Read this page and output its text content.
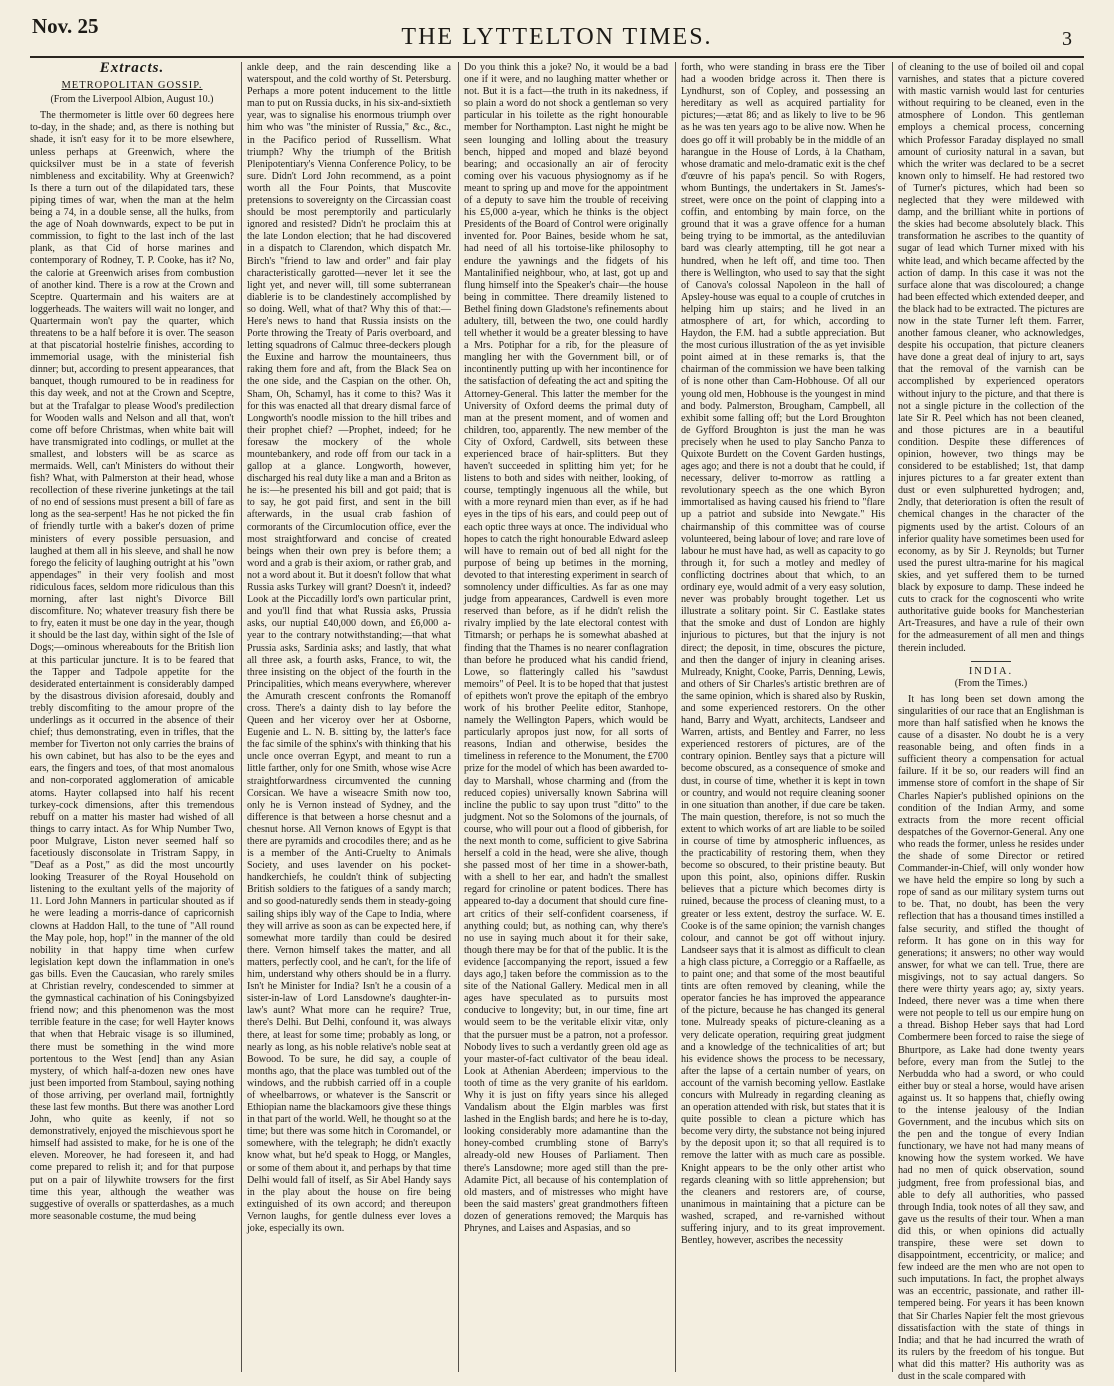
Nov. 25	THE LYTTELTON TIMES.	3
Extracts.
METROPOLITAN GOSSIP.
(From the Liverpool Albion, August 10.)

The thermometer is little over 60 degrees here to-day, in the shade; and, as there is nothing but shade, it isn't easy for it to be more elsewhere, unless perhaps at Greenwich, where the quicksilver must be in a state of feverish nimbleness and excitability. Why at Greenwich? Is there a turn out of the dilapidated tars, these piping times of war, when the man at the helm being a 74, in a double sense, all the hulks, from the age of Noah downwards, expect to be put in commission, to fight to the last inch of the last plank, as that Cid of horse marines and contemporary of Rodney, T. P. Cooke, has it? No, the calorie at Greenwich arises from combustion of another kind. There is a row at the Crown and Sceptre. Quartermain and his waiters are at loggerheads. The waiters will wait no longer, and Quartermain won't pay the quarter, which threatens to be a half before it is over. The season at that piscatorial hostelrie finishes, according to immemorial usage, with the ministerial fish dinner; but, according to present appearances, that banquet, though rumoured to be in readiness for this day week, and not at the Crown and Sceptre, but at the Trafalgar to please Wood's predilection for Wooden walls and Nelson and all that, won't come off before Christmas, when white bait will have transmigrated into codlings, or mullet at the smallest, and lobsters will be as scarce as mermaids. Well, can't Ministers do without their fish? What, with Palmerston at their head, whose recollection of these riverine junketings at the tail of no end of sessions must present a bill of fare as long as the sea-serpent! Has he not picked the fin of friendly turtle with a baker's dozen of prime ministers of every possible persuasion, and laughed at them all in his sleeve, and shall he now forego the felicity of laughing outright at his "own appendages" in their very foolish and most ridiculous faces, seldom more ridiculous than this morning, after last night's Divorce Bill discomfiture. No; whatever treasury fish there be to fry, eaten it must be one day in the year, though it should be the last day, within sight of the Isle of Dogs;—ominous whereabouts for the British lion at this particular juncture. It is to be feared that the Tapper and Tadpole appetite for the desiderated entertainment is considerably damped by the disastrous division aforesaid, doubly and trebly discomfiting to the amour propre of the underlings as it occurred in the absence of their chief; thus demonstrating, even in trifles, that the member for Tiverton not only carries the brains of his own cabinet, but has also to be the eyes and ears, the fingers and toes, of that most anomalous and non-corporated agglomeration of amicable atoms. Hayter collapsed into half his recent turkey-cock dimensions, after this tremendous rebuff on a matter his master had wished of all things to carry intact. As for Whip Number Two, poor Mulgrave, Liston never seemed half so facetiously disconsolate in Tristram Sappy, in "Deaf as a Post," as did the most uncourtly looking Treasurer of the Royal Household on listening to the exultant yells of the majority of 11. Lord John Manners in particular shouted as if he were leading a morris-dance of capricornish clowns at Haddon Hall, to the tune of "All round the May pole, hop, hop!" in the manner of the old nobility in that happy time when curfew legislation kept down the inflammation in one's gas bills. Even the Caucasian, who rarely smiles at Christian revelry, condescended to simmer at the gymnastical cachination of his Coningsbyized friend now; and this phenomenon was the most terrible feature in the case; for well Hayter knows that when that Hebraic visage is so illumined, there must be something in the wind more portentous to the West [end] than any Asian mystery, of which half-a-dozen new ones have just been imported from Stamboul, saying nothing of those arriving, per overland mail, fortnightly these last few months. But there was another Lord John, who quite as keenly, if not so demonstratively, enjoyed the mischievous sport he himself had assisted to make, for he is one of the eleven. Moreover, he had foreseen it, and had come prepared to relish it; and for that purpose put on a pair of lilywhite trowsers for the first time this year, although the weather was suggestive of overalls or spatterdashes, as a much more seasonable costume, the mud being

ankle deep, and the rain descending like a waterspout, and the cold worthy of St. Petersburg. Perhaps a more potent inducement to the little man to put on Russia ducks, in his six-and-sixtieth year, was to signalise his enormous triumph over him who was "the minister of Russia," &c., &c., in the Pacifico period of Russellism. What triumph? Why the triumph of the British Plenipotentiary's Vienna Conference Policy, to be sure. Didn't Lord John recommend, as a point worth all the Four Points, that Muscovite pretensions to sovereignty on the Circassian coast should be most peremptorily and particularly ignored and resisted? Didn't he proclaim this at the late London election; that he had discovered in a dispatch to Clarendon, which dispatch Mr. Birch's "friend to law and order" and fair play characteristically garotted—never let it see the light yet, and never will, till some subterranean diablerie is to be clandestinely accomplished by so doing. Well, what of that? Why this of that:—Here's news to hand that Russia insists on the Porte throwing the Treaty of Paris overboard, and letting squadrons of Calmuc three-deckers plough the Euxine and harrow the mountaineers, thus raking them fore and aft, from the Black Sea on the one side, and the Caspian on the other. Oh, Sham, Oh, Schamyl, has it come to this? Was it for this was enacted all that dreary dismal farce of Longworth's noodle mission to the hill tribes and their prophet chief? —Prophet, indeed; for he foresaw the mockery of the whole mountebankery, and rode off from our tack in a gallop at a glance. Longworth, however, discharged his real duty like a man and a Briton as he is:—he presented his bill and got paid; that is to say, he got paid first, and sent in the bill afterwards, in the usual crab fashion of cormorants of the Circumlocution office, ever the most straightforward and concise of created beings when their own prey is before them; a word and a grab is their axiom, or rather grab, and not a word about it. But it doesn't follow that what Russia asks Turkey will grant? Doesn't it, indeed? Look at the Piccadilly lord's own particular print, and you'll find that what Russia asks, Prussia asks, our nuptial £40,000 down, and £6,000 a-year to the contrary notwithstanding;—that what Prussia asks, Sardinia asks; and lastly, that what all three ask, a fourth asks, France, to wit, the three insisting on the object of the fourth in the Principalities, which means everywhere, wherever the Amurath crescent confronts the Romanoff cross. There's a dainty dish to lay before the Queen and her viceroy over her at Osborne, Eugenie and L. N. B. sitting by, the latter's face the fac simile of the sphinx's with thinking that his uncle once overran Egypt, and meant to run a little farther, only for one Smith, whose wise Acre straightforwardness circumvented the cunning Corsican. We have a wiseacre Smith now too, only he is Vernon instead of Sydney, and the difference is that between a horse chesnut and a chesnut horse. All Vernon knows of Egypt is that there are pyramids and crocodiles there; and as he is a member of the Anti-Cruelty to Animals Society, and uses lavender on his pocket-handkerchiefs, he couldn't think of subjecting British soldiers to the fatigues of a sandy march; and so good-naturedly sends them in steady-going sailing ships ibly way of the Cape to India, where they will arrive as soon as can be expected here, if somewhat more tardily than could be desired there. Vernon himself takes the matter, and all matters, perfectly cool, and he can't, for the life of him, understand why others should be in a flurry. Isn't he Minister for India? Isn't he a cousin of a sister-in-law of Lord Lansdowne's daughter-in-law's aunt? What more can he require? True, there's Delhi. But Delhi, confound it, was always there, at least for some time; probably as long, or nearly as long, as his noble relative's noble seat at Bowood. To be sure, he did say, a couple of months ago, that the place was tumbled out of the windows, and the rubbish carried off in a couple of wheelbarrows, or whatever is the Sanscrit or Ethiopian name the blackamoors give these things in that part of the world. Well, he thought so at the time; but there was some hitch in Coromandel, or somewhere, with the telegraph; he didn't exactly know what, but he'd speak to Hogg, or Mangles, or some of them about it, and perhaps by that time Delhi would fall of itself, as Sir Abel Handy says in the play about the house on fire being extinguished of its own accord; and thereupon Vernon laughs, for gentle dulness ever loves a joke, especially its own.

Do you think this a joke? No, it would be a bad one if it were, and no laughing matter whether or not. But it is a fact—the truth in its nakedness, if so plain a word do not shock a gentleman so very particular in his toilette as the right honourable member for Northampton. Last night he might be seen lounging and lolling about the treasury bench, hipped and moped and blazé beyond bearing; and occasionally an air of ferocity coming over his vacuous physiognomy as if he meant to spring up and move for the appointment of a deputy to save him the trouble of receiving his £5,000 a-year, which he thinks is the object Presidents of the Board of Control were originally invented for. Poor Baines, beside whom he sat, had need of all his tortoise-like philosophy to endure the yawnings and the fidgets of his Mantalinified neighbour, who, at last, got up and flung himself into the Speaker's chair—the house being in committee. There dreamily listened to Bethel fining down Gladstone's refinements about adultery, till, between the two, one could hardly tell whether it would be a greater blessing to have a Mrs. Potiphar for a rib, for the pleasure of mangling her with the Government bill, or of incontinently putting up with her incontinence for the satisfaction of defeating the act and spiting the Attorney-General. This latter the member for the University of Oxford deems the primal duty of man at the present moment, and of women and children, too, apparently. The new member of the City of Oxford, Cardwell, sits between these experienced brace of hair-splitters. But they haven't succeeded in splitting him yet; for he listens to both and sides with neither, looking, of course, temptingly ingenuous all the while, but with a more reynard mien than ever, as if he had eyes in the tips of his ears, and could peep out of each optic three ways at once. The individual who hopes to catch the right honourable Edward asleep will have to remain out of bed all night for the purpose of being up betimes in the morning, devoted to that interesting experiment in search of somnolency under difficulties. As far as one may judge from appearances, Cardwell is even more reserved than before, as if he didn't relish the rivalry implied by the late electoral contest with Titmarsh; or perhaps he is somewhat abashed at finding that the Thames is no nearer conflagration than before he produced what his candid friend, Lowe, so flatteringly called his "sawdust memoirs" of Peel. It is to be hoped that that justest of epithets won't prove the epitaph of the embryo work of his brother Peelite editor, Stanhope, namely the Wellington Papers, which would be particularly apropos just now, for all sorts of reasons, Indian and otherwise, besides the timeliness in reference to the Monument, the £700 prize for the model of which has been awarded to-day to Marshall, whose charming and (from the reduced copies) universally known Sabrina will incline the public to say upon trust "ditto" to the judgment. Not so the Solomons of the journals, of course, who will pour out a flood of gibberish, for the next month to come, sufficient to give Sabrina herself a cold in the head, were she alive, though she passed most of her time in a shower-bath, with a shell to her ear, and hadn't the smallest regard for crinoline or patent bodices. There has appeared to-day a document that should cure fine-art critics of their self-confident coarseness, if anything could; but, as nothing can, why there's no use in saying much about it for their sake, though there may be for that of the public. It is the evidence [accompanying the report, issued a few days ago,] taken before the commission as to the site of the National Gallery. Medical men in all ages have speculated as to pursuits most conducive to longevity; but, in our time, fine art would seem to be the veritable elixir vitæ, only that the pursuer must be a patron, not a professor. Nobody lives to such a verdantly green old age as your master-of-fact cultivator of the beau ideal. Look at Athenian Aberdeen; impervious to the tooth of time as the very granite of his earldom. Why it is just on fifty years since his alleged Vandalism about the Elgin marbles was first lashed in the English bards; and here he is to-day, looking considerably more adamantine than the honey-combed crumbling stone of Barry's already-old new Houses of Parliament. Then there's Lansdowne; more aged still than the pre-Adamite Pict, all because of his contemplation of old masters, and of mistresses who might have been the said masters' great grandmothers fifteen dozen of generations removed; the Marquis has Phrynes, and Laises and Aspasias, and so

forth, who were standing in brass ere the Tiber had a wooden bridge across it. Then there is Lyndhurst, son of Copley, and possessing an hereditary as well as acquired partiality for pictures;—ætat 86; and as likely to live to be 96 as he was ten years ago to be alive now. When he does go off it will probably be in the middle of an harangue in the House of Lords, à la Chatham, whose dramatic and melo-dramatic exit is the chef d'œuvre of his papa's pencil. So with Rogers, whom Buntings, the undertakers in St. James's-street, were once on the point of clapping into a coffin, and entombing by main force, on the ground that it was a grave offence for a human being trying to be immortal, as the antediluvian bard was clearly attempting, till he got near a hundred, when he left off, and time too. Then there is Wellington, who used to say that the sight of Canova's colossal Napoleon in the hall of Apsley-house was equal to a couple of crutches in helping him up stairs; and he lived in an atmosphere of art, for which, according to Haydon, the F.M. had a subtle appreciation. But the most curious illustration of the as yet invisible point aimed at in these remarks is, that the chairman of the commission we have been talking of is none other than Cam-Hobhouse. Of all our young old men, Hobhouse is the youngest in mind and body. Palmerston, Brougham, Campbell, all exhibit some falling off; but the Lord Broughton de Gyfford Broughton is just the man he was precisely when he used to play Sancho Panza to Quixote Burdett on the Covent Garden hustings, ages ago; and there is not a doubt that he could, if necessary, deliver to-morrow as rattling a revolutionary speech as the one which Byron immortalised as having caused his friend to "flare up a patriot and subside into Newgate." His chairmanship of this committee was of course volunteered, being labour of love; and rare love of labour he must have had, as well as capacity to go through it, for such a motley and medley of conflicting doctrines about that which, to an ordinary eye, would admit of a very easy solution, never was probably brought together. Let us illustrate a solitary point. Sir C. Eastlake states that the smoke and dust of London are highly injurious to pictures, but that the injury is not direct; the deposit, in time, obscures the picture, and then the danger of injury in cleaning arises. Mulready, Knight, Cooke, Parris, Denning, Lewis, and others of Sir Charles's artistic brethren are of the same opinion, which is shared also by Ruskin, and some experienced restorers. On the other hand, Barry and Wyatt, architects, Landseer and Warren, artists, and Bentley and Farrer, no less experienced restorers of pictures, are of the contrary opinion. Bentley says that a picture will become obscured, as a consequence of smoke and dust, in course of time, whether it is kept in town or country, and would not require cleaning sooner in one situation than another, if due care be taken. The main question, therefore, is not so much the extent to which works of art are liable to be soiled in course of time by atmospheric influences, as the practicability of restoring them, when they become so obscured, to their pristine beauty. But upon this point, also, opinions differ. Ruskin believes that a picture which becomes dirty is ruined, because the process of cleaning must, to a greater or less extent, destroy the surface. W. E. Cooke is of the same opinion; the varnish changes colour, and cannot be got off without injury. Landseer says that it is almost as difficult to clean a high class picture, a Correggio or a Raffaelle, as to paint one; and that some of the most beautiful tints are often removed by cleaning, while the operator fancies he has improved the appearance of the picture, because he has changed its general tone. Mulready speaks of picture-cleaning as a very delicate operation, requiring great judgment and a knowledge of the technicalities of art; but his evidence shows the process to be necessary, after the lapse of a certain number of years, on account of the varnish becoming yellow. Eastlake concurs with Mulready in regarding cleaning as an operation attended with risk, but states that it is quite possible to clean a picture which has become very dirty, the substance not being injured by the deposit upon it; so that all required is to remove the latter with as much care as possible. Knight appears to be the only other artist who regards cleaning with so little apprehension; but the cleaners and restorers are, of course, unanimous in maintaining that a picture can be washed, scraped, and re-varnished without suffering injury, and to its great improvement. Bentley, however, ascribes the necessity

of cleaning to the use of boiled oil and copal varnishes, and states that a picture covered with mastic varnish would last for centuries without requiring to be cleaned, even in the atmosphere of London. This gentleman employs a chemical process, concerning which Professor Faraday displayed no small amount of curiosity natural in a savan, but which the writer was declared to be a secret known only to himself. He had restored two of Turner's pictures, which had been so neglected that they were mildewed with damp, and the brilliant white in portions of the skies had become absolutely black. This transformation he ascribes to the quantity of sugar of lead which Turner mixed with his white lead, and which became affected by the action of damp. In this case it was not the surface alone that was discoloured; a change had been effected which extended deeper, and the black had to be extracted. The pictures are now in the state Turner left them. Farrer, another famous cleaner, who acknowledges, despite his occupation, that picture cleaners have done a great deal of injury to art, says that the removal of the varnish can be accomplished by experienced operators without injury to the picture, and that there is not a single picture in the collection of the late Sir R. Peel which has not been cleaned, and those pictures are in a beautiful condition. Despite these differences of opinion, however, two things may be considered to be established; 1st, that damp injures pictures to a far greater extent than dust or even sulphuretted hydrogen; and, 2ndly, that deterioration is often the result of chemical changes in the character of the pigments used by the artist. Colours of an inferior quality have sometimes been used for economy, as by Sir J. Reynolds; but Turner used the purest ultra-marine for his magical skies, and yet suffered them to be turned black by exposure to damp. These indeed he cuts to crack for the cognoscenti who write authoritative guide books for Manchesterian Art-Treasures, and have a rule of their own for the admeasurement of all men and things therein included.

INDIA.
(From the Times.)

It has long been set down among the singularities of our race that an Englishman is more than half satisfied when he knows the cause of a disaster. No doubt he is a very reasonable being, and often finds in a sufficient theory a compensation for actual failure. If it be so, our readers will find an immense store of comfort in the shape of Sir Charles Napier's published opinions on the condition of the Indian Army, and some extracts from the more recent official despatches of the Governor-General. Any one who reads the former, unless he resides under the shade of some Director or retired Commander-in-Chief, will only wonder how we have held the empire so long by such a rope of sand as our military system turns out to be. That, no doubt, has been the very reflection that has a thousand times instilled a false security, and stifled the thought of reform. It has gone on in this way for generations; it answers; no other way would answer, for what we can tell. True, there are misgivings, not to say actual dangers. So there were thirty years ago; ay, sixty years. Indeed, there never was a time when there were not people to tell us our empire hung on a thread. Bishop Heber says that had Lord Combermere been forced to raise the siege of Bhurtpore, as Lake had done twenty years before, every man from the Sutlej to the Nerbudda who had a sword, or who could either buy or steal a horse, would have arisen against us. It so happens that, chiefly owing to the intense jealousy of the Indian Government, and the incubus which sits on the pen and the tongue of every Indian functionary, we have not had many means of knowing how the system worked. We have had no men of quick observation, sound judgment, free from professional bias, and able to defy all authorities, who passed through India, took notes of all they saw, and gave us the results of their tour. When a man did this, or when opinions did actually transpire, these were set down to disappointment, eccentricity, or malice; and few indeed are the men who are not open to such imputations. In fact, the prophet always was an eccentric, passionate, and rather ill-tempered being. For years it has been known that Sir Charles Napier felt the most grievous dissatisfaction with the state of things in India; and that he had incurred the wrath of its rulers by the freedom of his tongue. But what did this matter? His authority was as dust in the scale compared with
